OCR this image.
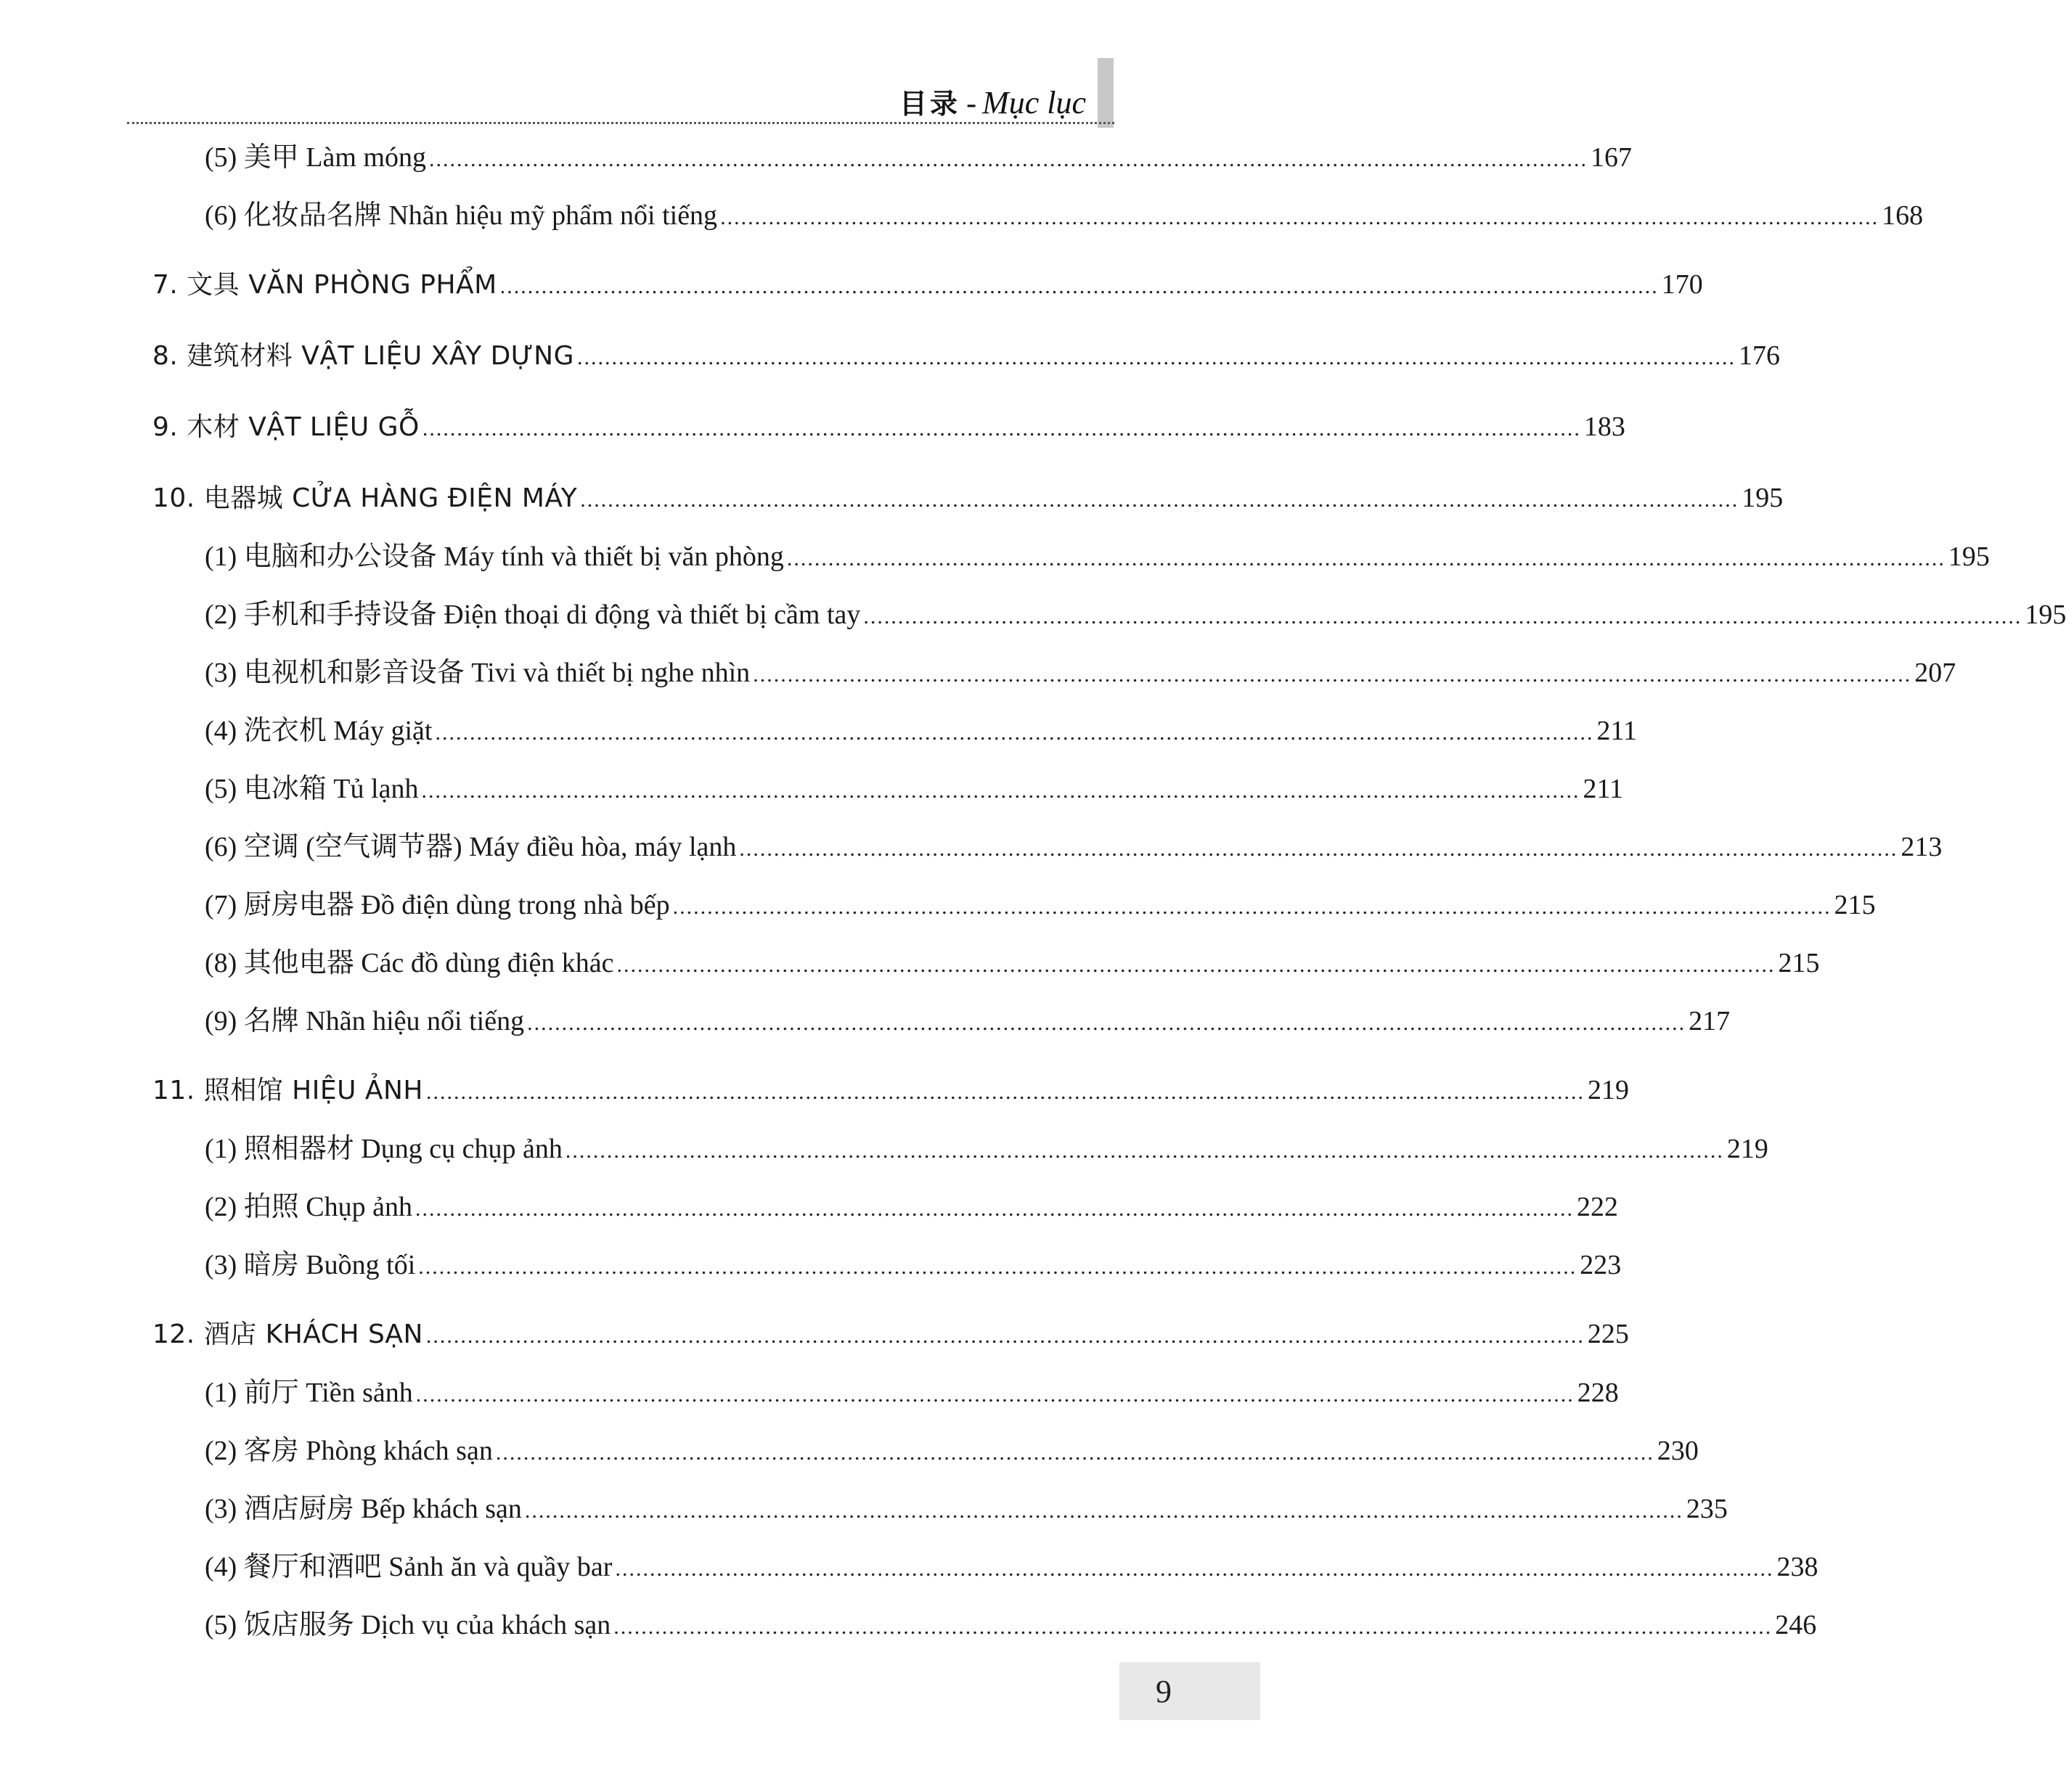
目录 - Mục lục
(5) 美甲 Làm móng ........................................................................................................................................................................ 167
(6) 化妆品名牌 Nhãn hiệu mỹ phẩm nổi tiếng ........................................................................................................................................................................ 168
7. 文具 VĂN PHÒNG PHẨM ........................................................................................................................................................................ 170
8. 建筑材料 VẬT LIỆU XÂY DỰNG ........................................................................................................................................................................ 176
9. 木材 VẬT LIỆU GỖ ........................................................................................................................................................................ 183
10. 电器城 CỬA HÀNG ĐIỆN MÁY ........................................................................................................................................................................ 195
(1) 电脑和办公设备 Máy tính và thiết bị văn phòng ........................................................................................................................................................................ 195
(2) 手机和手持设备 Điện thoại di động và thiết bị cầm tay ........................................................................................................................................................................ 195
(3) 电视机和影音设备 Tivi và thiết bị nghe nhìn ........................................................................................................................................................................ 207
(4) 洗衣机 Máy giặt ........................................................................................................................................................................ 211
(5) 电冰箱 Tủ lạnh ........................................................................................................................................................................ 211
(6) 空调 (空气调节器) Máy điều hòa, máy lạnh ........................................................................................................................................................................ 213
(7) 厨房电器 Đồ điện dùng trong nhà bếp ........................................................................................................................................................................ 215
(8) 其他电器 Các đồ dùng điện khác ........................................................................................................................................................................ 215
(9) 名牌 Nhãn hiệu nổi tiếng ........................................................................................................................................................................ 217
11. 照相馆 HIỆU ẢNH ........................................................................................................................................................................ 219
(1) 照相器材 Dụng cụ chụp ảnh ........................................................................................................................................................................ 219
(2) 拍照 Chụp ảnh ........................................................................................................................................................................ 222
(3) 暗房 Buồng tối ........................................................................................................................................................................ 223
12. 酒店 KHÁCH SẠN ........................................................................................................................................................................ 225
(1) 前厅 Tiền sảnh ........................................................................................................................................................................ 228
(2) 客房 Phòng khách sạn ........................................................................................................................................................................ 230
(3) 酒店厨房 Bếp khách sạn ........................................................................................................................................................................ 235
(4) 餐厅和酒吧 Sảnh ăn và quầy bar ........................................................................................................................................................................ 238
(5) 饭店服务 Dịch vụ của khách sạn ........................................................................................................................................................................ 246
9
